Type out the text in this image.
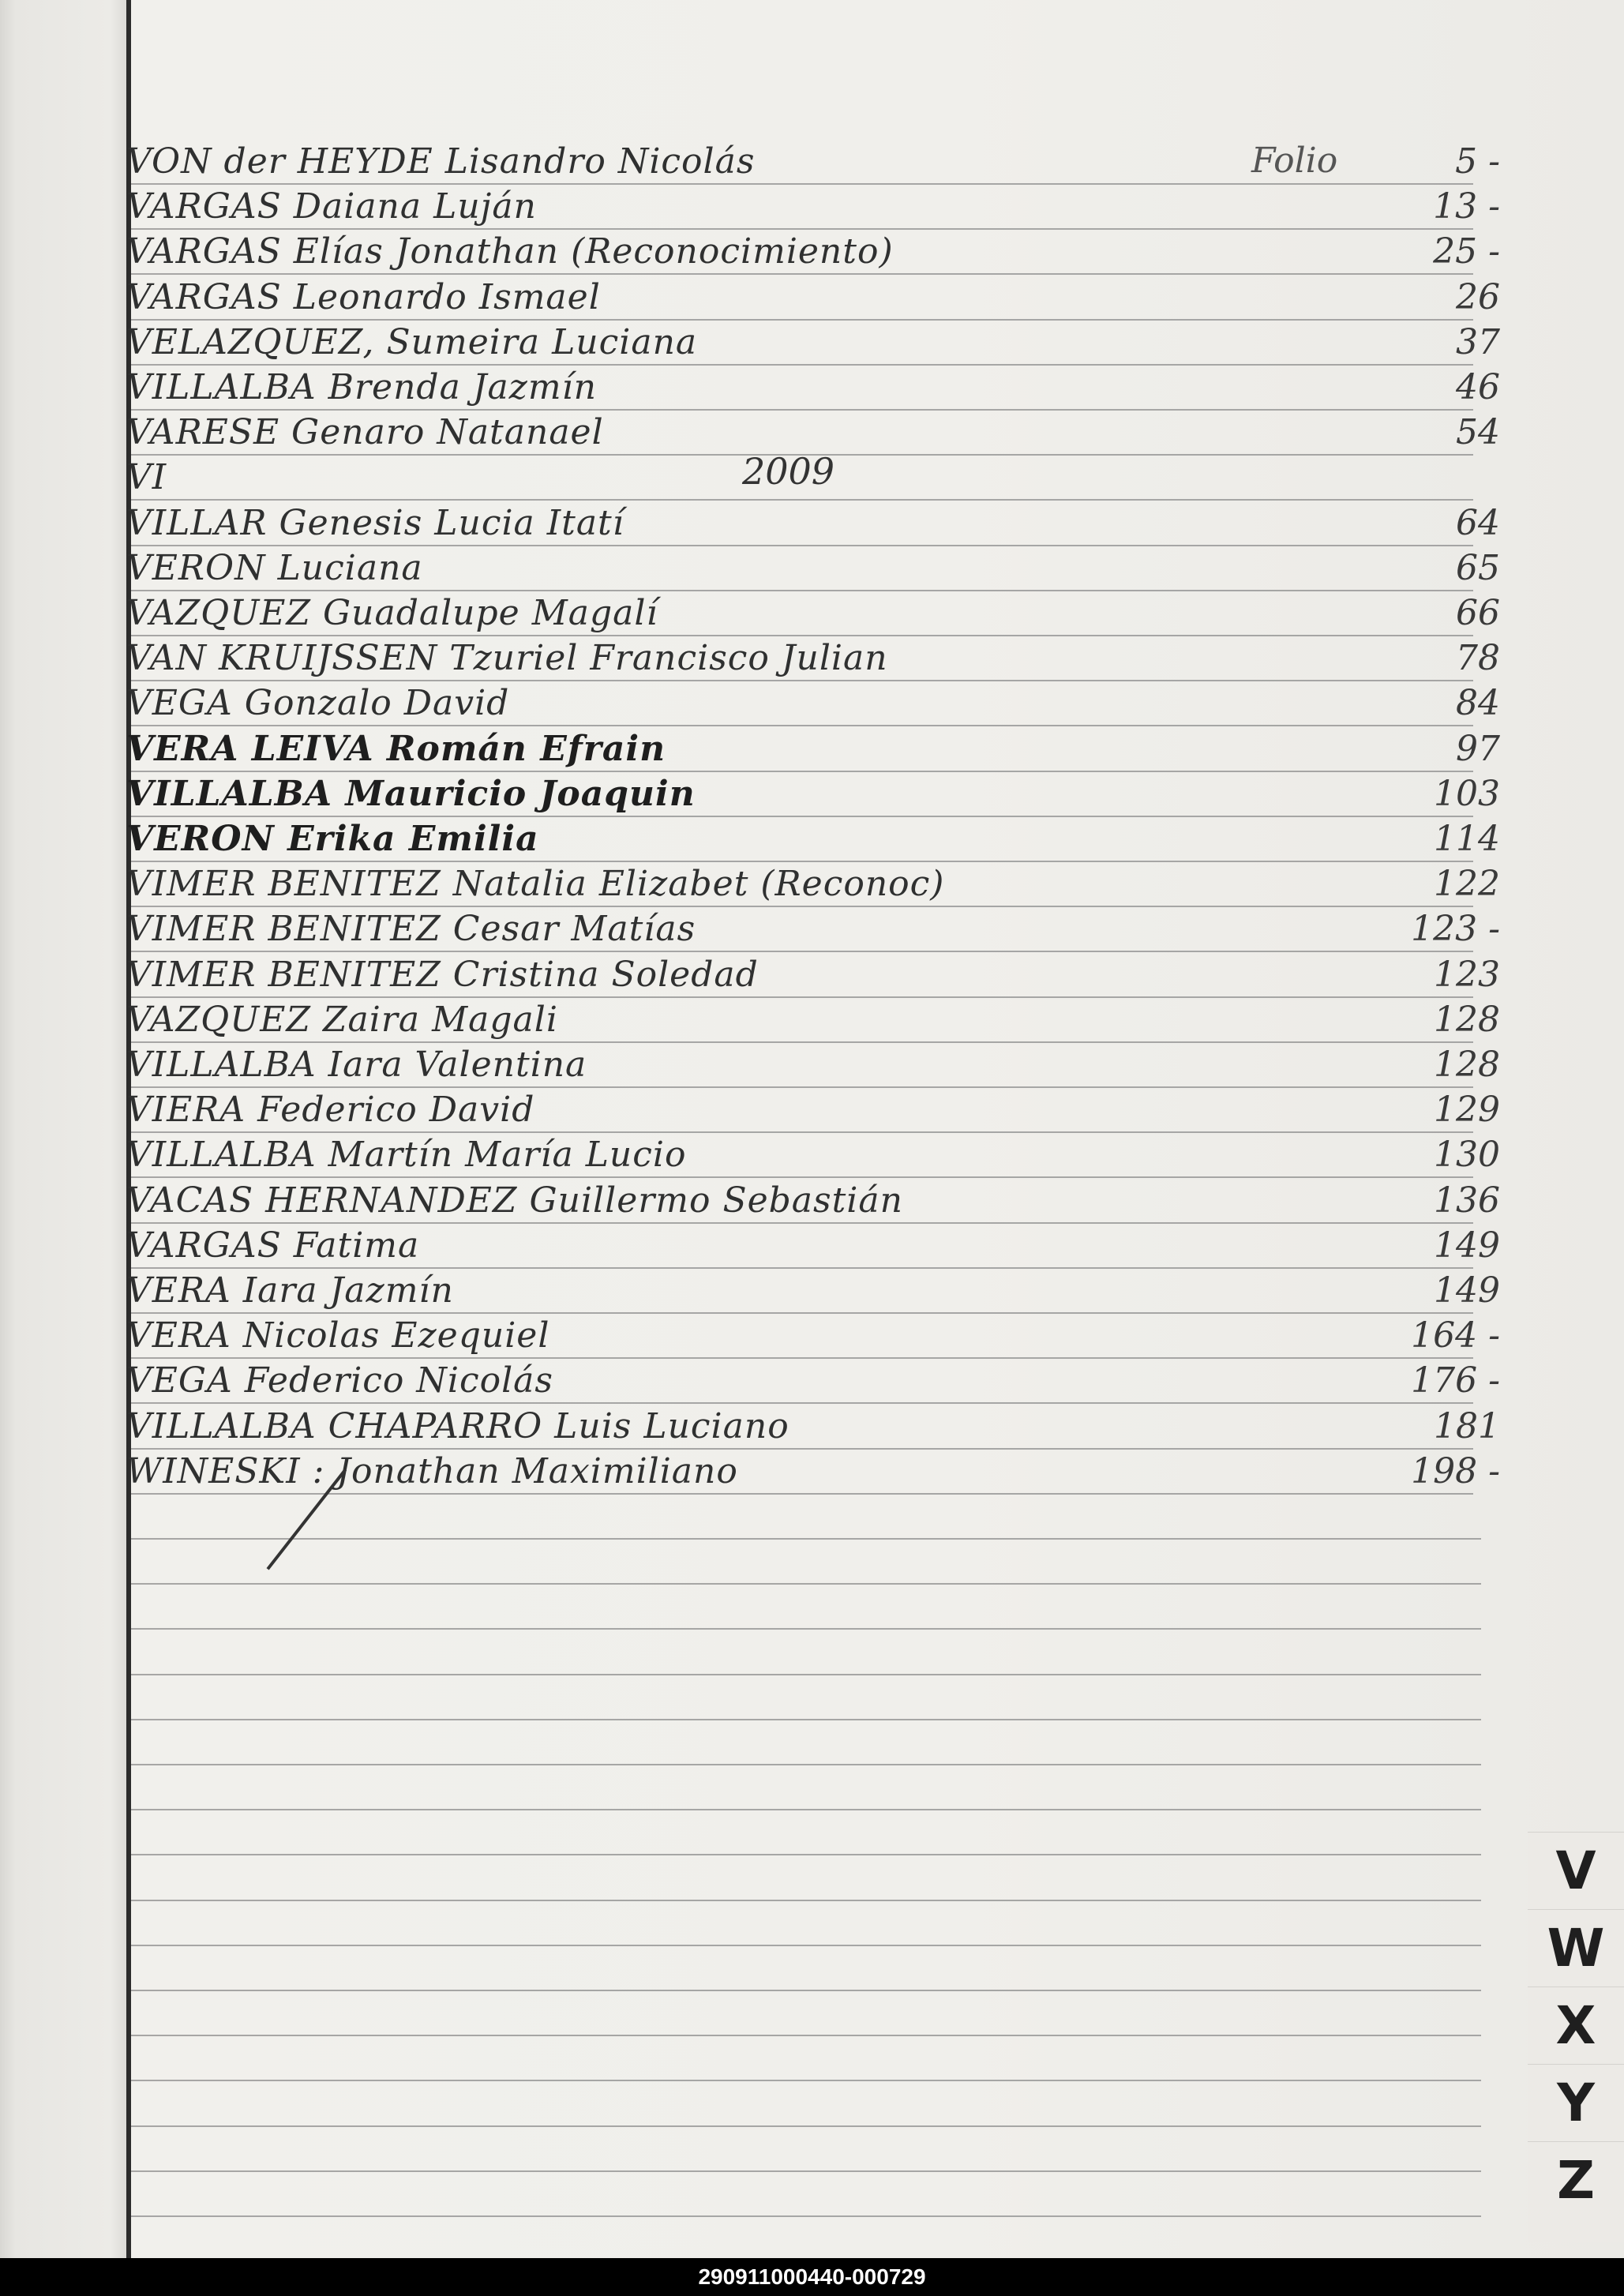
Folio
2009
VON der HEYDE Lisandro Nicolás	5 -
VARGAS Daiana Luján	13 -
VARGAS Elías Jonathan (Reconocimiento)	25 -
VARGAS Leonardo Ismael	26
VELAZQUEZ, Sumeira Luciana	37
VILLALBA Brenda Jazmín	46
VARESE Genaro Natanael	54
VI
VILLAR Genesis Lucia Itatí	64
VERON Luciana	65
VAZQUEZ Guadalupe Magalí	66
VAN KRUIJSSEN Tzuriel Francisco Julian	78
VEGA Gonzalo David	84
VERA LEIVA Román Efrain	97
VILLALBA Mauricio Joaquin	103
VERON Erika Emilia	114
VIMER BENITEZ Natalia Elizabet (Reconoc)	122
VIMER BENITEZ Cesar Matías	123 -
VIMER BENITEZ Cristina Soledad	123
VAZQUEZ Zaira Magali	128
VILLALBA Iara Valentina	128
VIERA Federico David	129
VILLALBA Martín María Lucio	130
VACAS HERNANDEZ Guillermo Sebastián	136
VARGAS Fatima	149
VERA Iara Jazmín	149
VERA Nicolas Ezequiel	164 -
VEGA Federico Nicolás	176 -
VILLALBA CHAPARRO Luis Luciano	181
WINESKI : Jonathan Maximiliano	198 -
V
W
X
Y
Z
290911000440-000729
